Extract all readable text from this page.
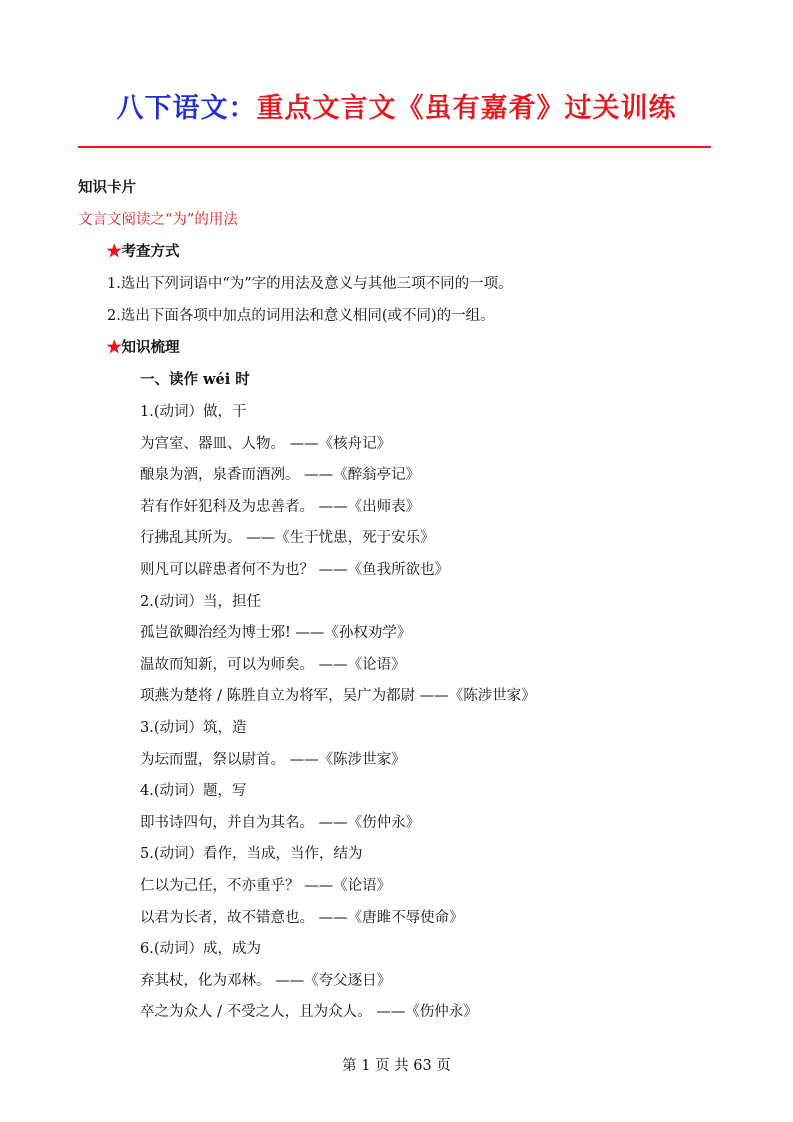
八下语文：重点文言文《虽有嘉肴》过关训练
知识卡片
文言文阅读之“为”的用法
★考查方式
1.选出下列词语中“为”字的用法及意义与其他三项不同的一项。
2.选出下面各项中加点的词用法和意义相同(或不同)的一组。
★知识梳理
一、读作 wéi 时
1.(动词）做，干
为宫室、器皿、人物。 ——《核舟记》
酿泉为酒，泉香而酒冽。 ——《醉翁亭记》
若有作奸犯科及为忠善者。 ——《出师表》
行拂乱其所为。 ——《生于忧患，死于安乐》
则凡可以辟患者何不为也？ ——《鱼我所欲也》
2.(动词）当，担任
孤岂欲卿治经为博士邪! ——《孙权劝学》
温故而知新，可以为师矣。 ——《论语》
项燕为楚将 / 陈胜自立为将军，吴广为都尉 ——《陈涉世家》
3.(动词）筑，造
为坛而盟，祭以尉首。 ——《陈涉世家》
4.(动词）题，写
即书诗四句，并自为其名。 ——《伤仲永》
5.(动词）看作，当成，当作，结为
仁以为己任，不亦重乎？ ——《论语》
以君为长者，故不错意也。 ——《唐雎不辱使命》
6.(动词）成，成为
弃其杖，化为邓林。 ——《夸父逐日》
卒之为众人 / 不受之人，且为众人。 ——《伤仲永》
第 1 页 共 63 页
